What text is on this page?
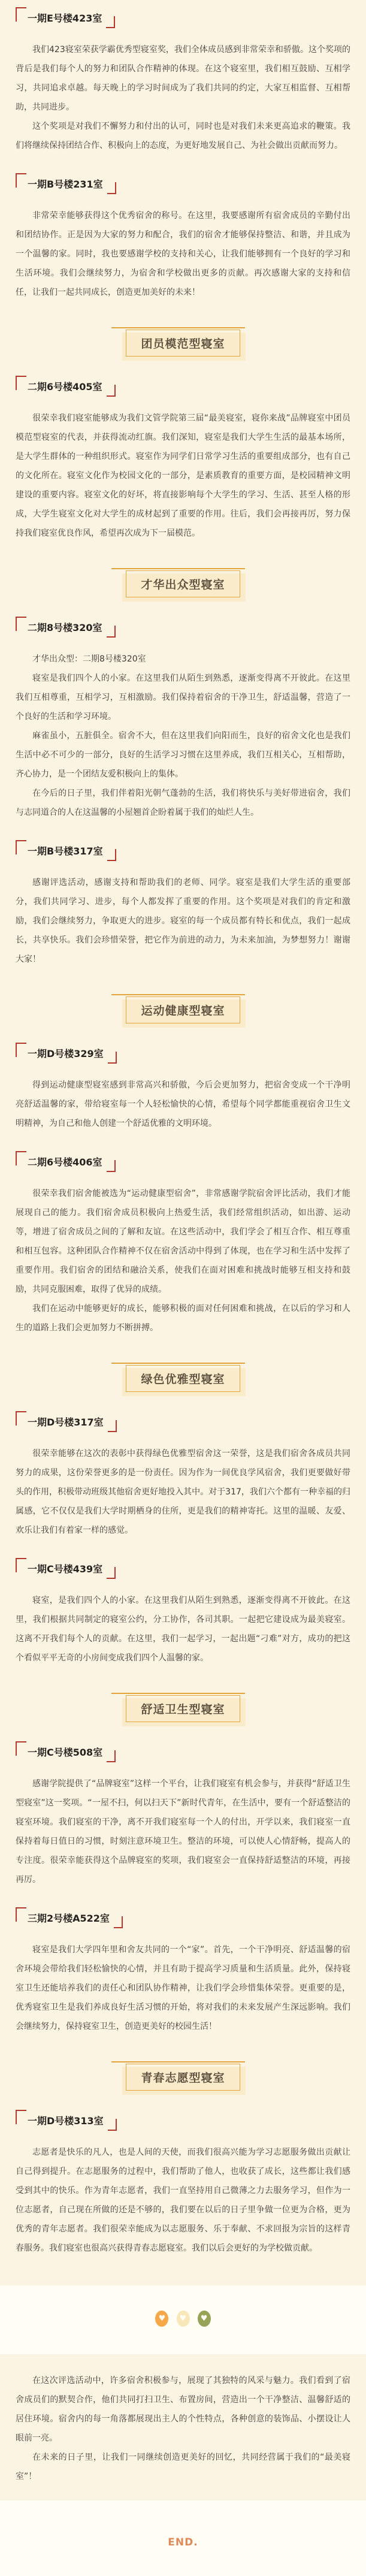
一期E号楼423室

我们423寝室荣获学霸优秀型寝室奖，我们全体成员感到非常荣幸和骄傲。这个奖项的背后是我们每个人的努力和团队合作精神的体现。在这个寝室里，我们相互鼓励、互相学习，共同追求卓越。每天晚上的学习时间成为了我们共同的约定，大家互相监督、互相帮助，共同进步。

这个奖项是对我们不懈努力和付出的认可，同时也是对我们未来更高追求的鞭策。我们将继续保持团结合作、积极向上的态度，为更好地发展自己、为社会做出贡献而努力。

一期B号楼231室

非常荣幸能够获得这个优秀宿舍的称号。在这里，我要感谢所有宿舍成员的辛勤付出和团结协作。正是因为大家的努力和配合，我们的宿舍才能够保持整洁、和谐，并且成为一个温馨的家。同时，我也要感谢学校的支持和关心，让我们能够拥有一个良好的学习和生活环境。我们会继续努力，为宿舍和学校做出更多的贡献。再次感谢大家的支持和信任，让我们一起共同成长，创造更加美好的未来！

团员模范型寝室
二期6号楼405室

很荣幸我们寝室能够成为我们文管学院第三届“最美寝室，寝你来战”品牌寝室中团员模范型寝室的代表，并获得流动红旗。我们深知，寝室是我们大学生生活的最基本场所，是大学生群体的一种组织形式。寝室作为同学们日常学习生活的重要组成部分，也有自己的文化所在。寝室文化作为校园文化的一部分，是素质教育的重要方面，是校园精神文明建设的重要内容。寝室文化的好坏，将直接影响每个大学生的学习、生活、甚至人格的形成，大学生寝室文化对大学生的成材起到了重要的作用。往后，我们会再接再厉，努力保持我们寝室优良作风，希望再次成为下一届模范。

才华出众型寝室
二期8号楼320室

才华出众型：二期8号楼320室

寝室是我们四个人的小家。在这里我们从陌生到熟悉，逐渐变得离不开彼此。在这里我们互相尊重，互相学习，互相激励。我们保持着宿舍的干净卫生，舒适温馨，营造了一个良好的生活和学习环境。

麻雀虽小，五脏俱全。宿舍不大，但在这里我们向阳而生，良好的宿舍文化也是我们生活中必不可少的一部分，良好的生活学习习惯在这里养成，我们互相关心，互相帮助，齐心协力，是一个团结友爱积极向上的集体。

在今后的日子里，我们伴着阳光朝气蓬勃的生活，我们将快乐与美好带进宿舍，我们与志同道合的人在这温馨的小屋翘首企盼着属于我们的灿烂人生。

一期B号楼317室

感谢评选活动，感谢支持和帮助我们的老师、同学。寝室是我们大学生活的重要部分，我们共同学习、进步，每个人都发挥了重要的作用。这个奖项是对我们的肯定和激励，我们会继续努力，争取更大的进步。寝室的每一个成员都有特长和优点，我们一起成长，共享快乐。我们会珍惜荣誉，把它作为前进的动力，为未来加油，为梦想努力！谢谢大家！

运动健康型寝室
一期D号楼329室

得到运动健康型寝室感到非常高兴和骄傲，今后会更加努力，把宿舍变成一个干净明亮舒适温馨的家，带给寝室每一个人轻松愉快的心情，希望每个同学都能重视宿舍卫生文明精神，为自己和他人创建一个舒适优雅的文明环境。

二期6号楼406室

很荣幸我们宿舍能被选为“运动健康型宿舍”，非常感谢学院宿舍评比活动，我们才能展现自己的能力。我们宿舍成员积极向上热爱生活，我们经常组织活动，如出游、运动等，增进了宿舍成员之间的了解和友谊。在这些活动中，我们学会了相互合作、相互尊重和相互包容。这种团队合作精神不仅在宿舍活动中得到了体现，也在学习和生活中发挥了重要作用。我们宿舍的团结和融洽关系，使我们在面对困难和挑战时能够互相支持和鼓励，共同克服困难，取得了优异的成绩。

我们在运动中能够更好的成长，能够积极的面对任何困难和挑战，在以后的学习和人生的道路上我们会更加努力不断拼搏。

绿色优雅型寝室
一期D号楼317室

很荣幸能够在这次的表彰中获得绿色优雅型宿舍这一荣誉，这是我们宿舍各成员共同努力的成果，这份荣誉更多的是一份责任。因为作为一间优良学风宿舍，我们更要做好带头的作用，积极带动班级其他宿舍更好地投入其中。对于317，我们六个都有一种幸福的归属感，它不仅仅是我们大学时期栖身的住所，更是我们的精神寄托。这里的温暖、友爱、欢乐让我们有着家一样的感觉。

一期C号楼439室

寝室，是我们四个人的小家。在这里我们从陌生到熟悉，逐渐变得离不开彼此。在这里，我们根据共同制定的寝室公约，分工协作，各司其职。一起把它建设成为最美寝室。这离不开我们每个人的贡献。在这里，我们一起学习，一起出题“刁难”对方，成功的把这个看似平平无奇的小房间变成我们四个人温馨的家。

舒适卫生型寝室
一期C号楼508室

感谢学院提供了“品牌寝室”这样一个平台，让我们寝室有机会参与，并获得“舒适卫生型寝室”这一奖项。“一屋不扫，何以扫天下”新时代青年，在生活中，要有一个舒适整洁的寝室环境。我们寝室的干净，离不开我们寝室每一个人的付出，开学以来，我们寝室一直保持着每日值日的习惯，时刻注意环境卫生。整洁的环境，可以使人心情舒畅，提高人的专注度。很荣幸能获得这个品牌寝室的奖项，我们寝室会一直保持舒适整洁的环境，再接再厉。

三期2号楼A522室

寝室是我们大学四年里和舍友共同的一个“家”。首先，一个干净明亮、舒适温馨的宿舍环境会带给我们轻松愉快的心情，并且有助于提高学习质量和生活质量。此外，保持寝室卫生还能培养我们的责任心和团队协作精神，让我们学会珍惜集体荣誉。更重要的是，优秀寝室卫生是我们养成良好生活习惯的开始，将对我们的未来发展产生深远影响。我们会继续努力，保持寝室卫生，创造更美好的校园生活！

青春志愿型寝室
一期D号楼313室

志愿者是快乐的凡人，也是人间的天使，而我们很高兴能为学习志愿服务做出贡献让自己得到提升。在志愿服务的过程中，我们帮助了他人，也收获了成长，这些都让我们感受到其中的快乐。作为青年志愿者，我们一直坚持用自己微薄之力去服务学习，但作为一位志愿者，自己现在所做的还是不够的，我们要在以后的日子里争做一位更为合格，更为优秀的青年志愿者。我们很荣幸能成为以志愿服务、乐于奉献、不求回报为宗旨的这样青春服务。我们寝室也很高兴获得青春志愿寝室。我们以后会更好的为学校做贡献。

♥ ♥ ♥

在这次评选活动中，许多宿舍积极参与，展现了其独特的风采与魅力。我们看到了宿舍成员们的默契合作，他们共同打扫卫生、布置房间，营造出一个干净整洁、温馨舒适的居住环境。宿舍内的每一角落都展现出主人的个性特点，各种创意的装饰品、小摆设让人眼前一亮。

在未来的日子里，让我们一同继续创造更美好的回忆，共同经营属于我们的“最美寝室”！

END.
